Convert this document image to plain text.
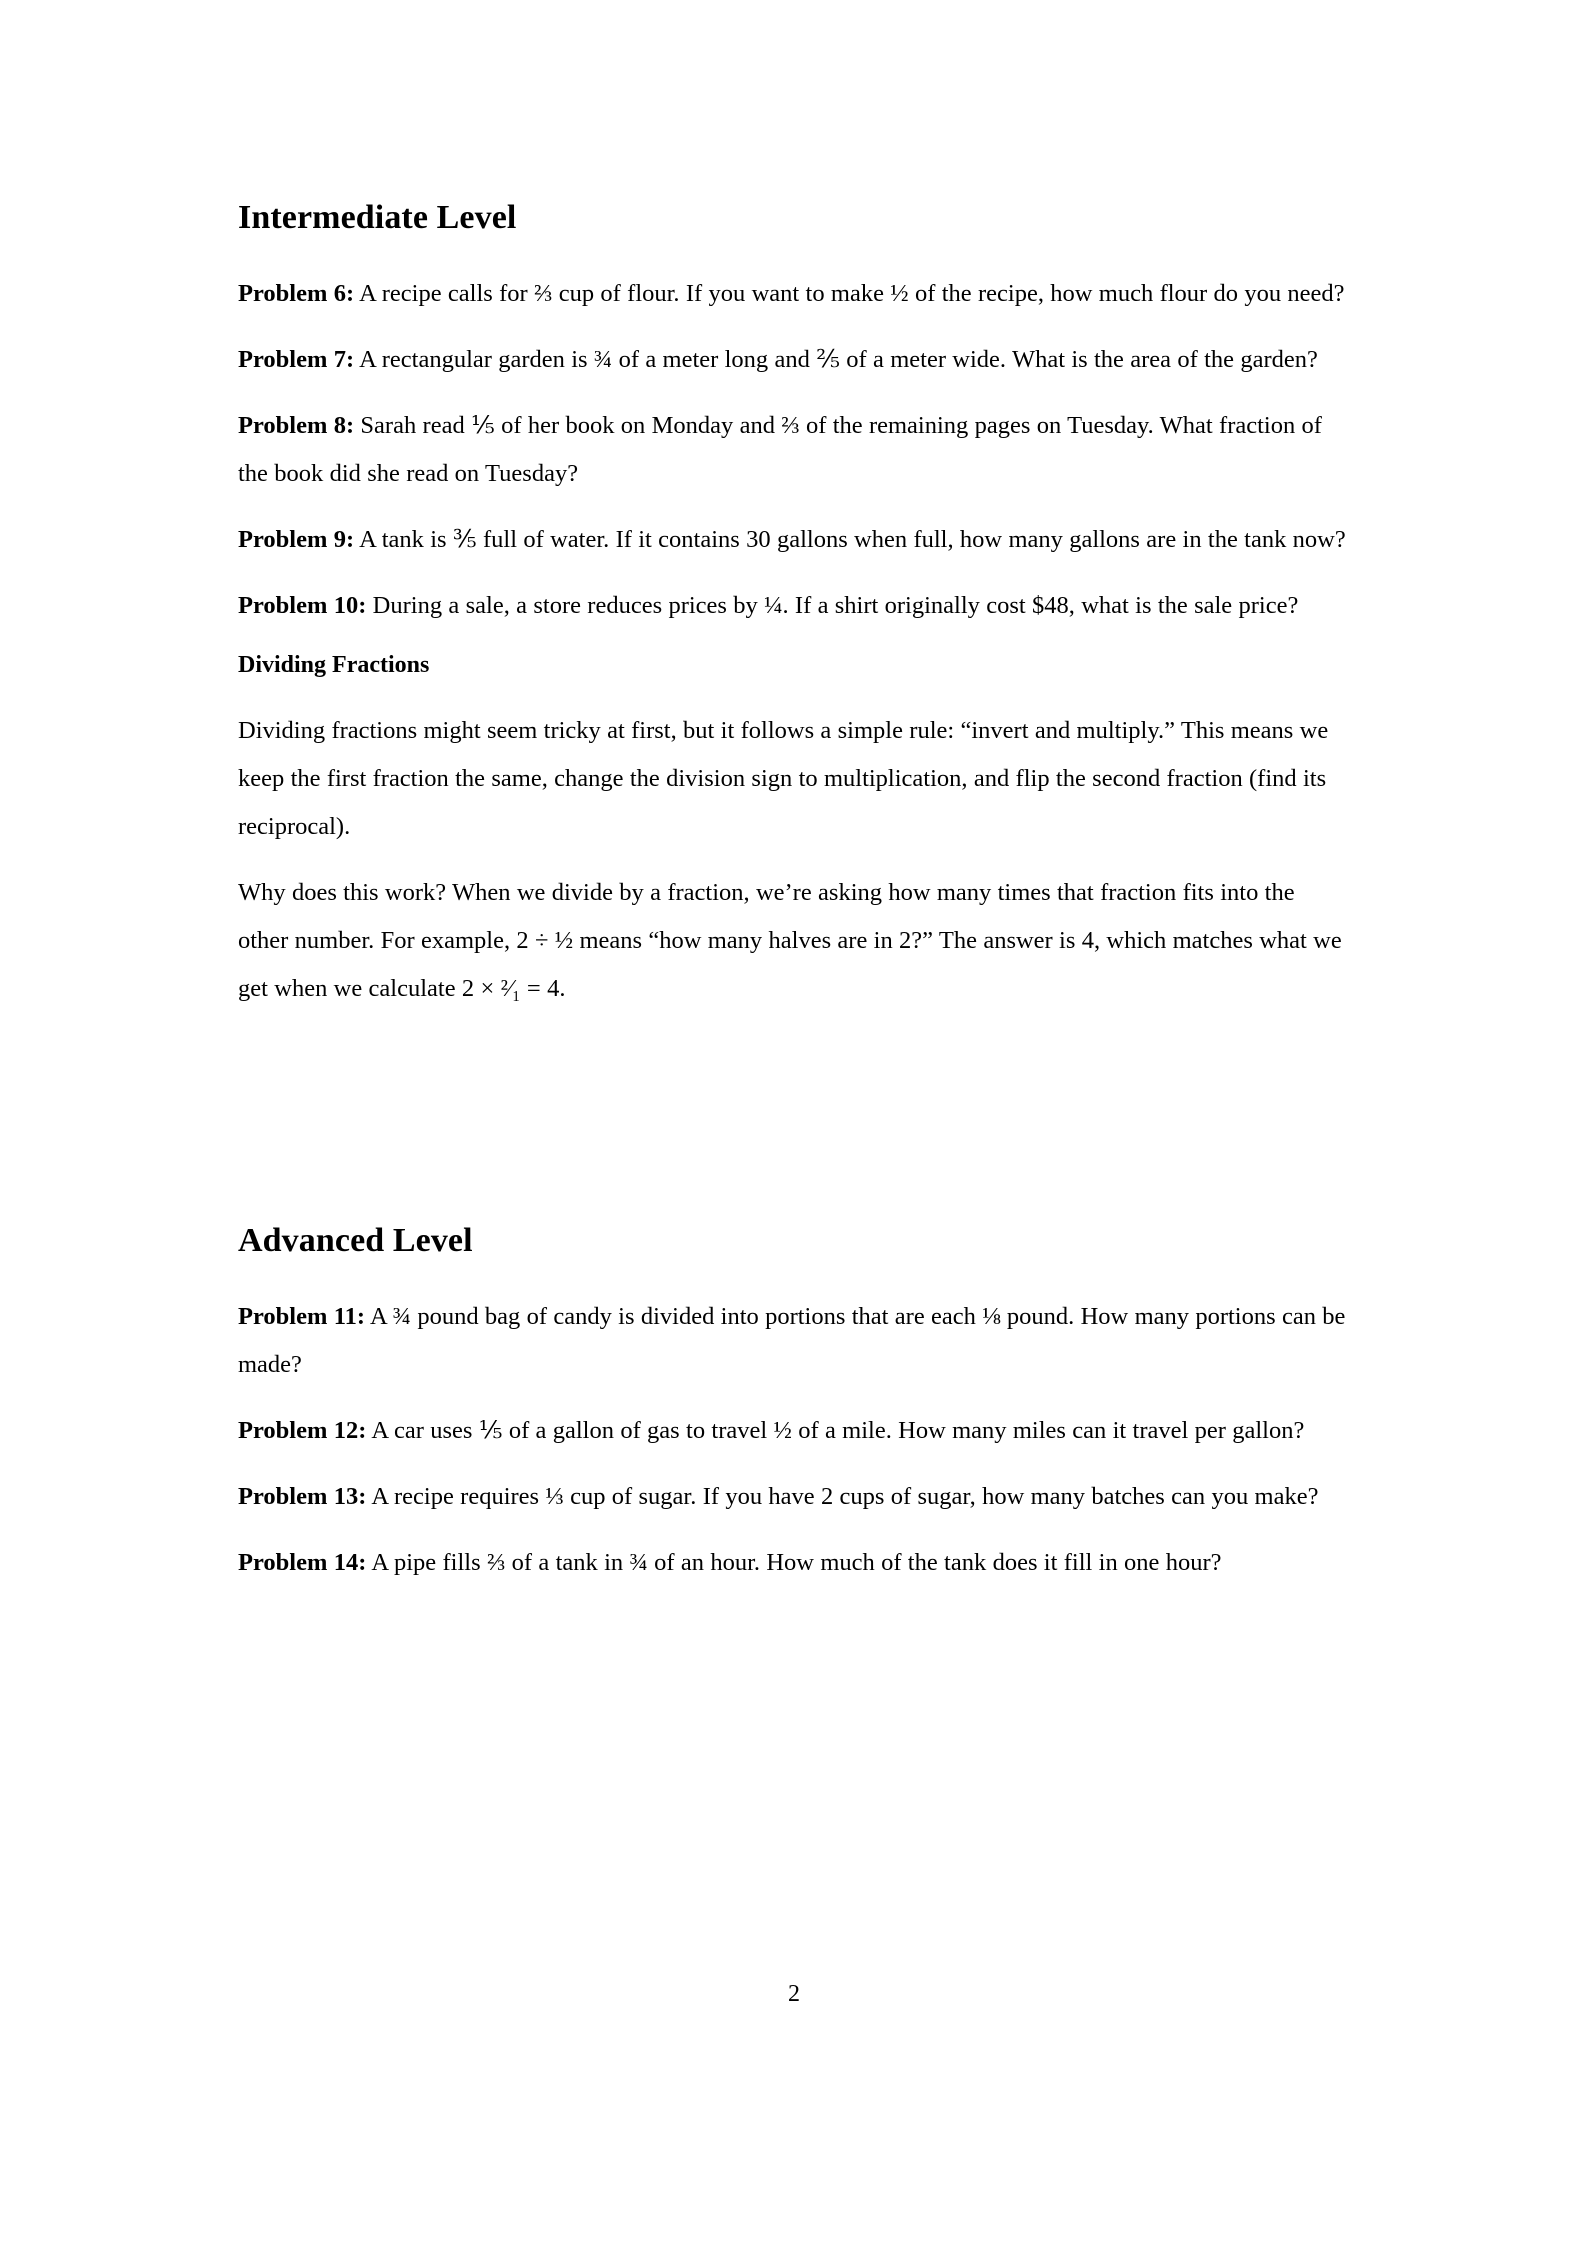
Intermediate Level

Problem 6: A recipe calls for ⅔ cup of flour. If you want to make ½ of the recipe, how much flour do you need?

Problem 7: A rectangular garden is ¾ of a meter long and ⅖ of a meter wide. What is the area of the garden?

Problem 8: Sarah read ⅕ of her book on Monday and ⅔ of the remaining pages on Tuesday. What fraction of the book did she read on Tuesday?

Problem 9: A tank is ⅗ full of water. If it contains 30 gallons when full, how many gallons are in the tank now?

Problem 10: During a sale, a store reduces prices by ¼. If a shirt originally cost $48, what is the sale price?

Dividing Fractions

Dividing fractions might seem tricky at first, but it follows a simple rule: “invert and multiply.” This means we keep the first fraction the same, change the division sign to multiplication, and flip the second fraction (find its reciprocal).

Why does this work? When we divide by a fraction, we’re asking how many times that fraction fits into the other number. For example, 2 ÷ ½ means “how many halves are in 2?” The answer is 4, which matches what we get when we calculate 2 × ²⁄₁ = 4.

Advanced Level

Problem 11: A ¾ pound bag of candy is divided into portions that are each ⅛ pound. How many portions can be made?

Problem 12: A car uses ⅕ of a gallon of gas to travel ½ of a mile. How many miles can it travel per gallon?

Problem 13: A recipe requires ⅓ cup of sugar. If you have 2 cups of sugar, how many batches can you make?

Problem 14: A pipe fills ⅔ of a tank in ¾ of an hour. How much of the tank does it fill in one hour?

2
